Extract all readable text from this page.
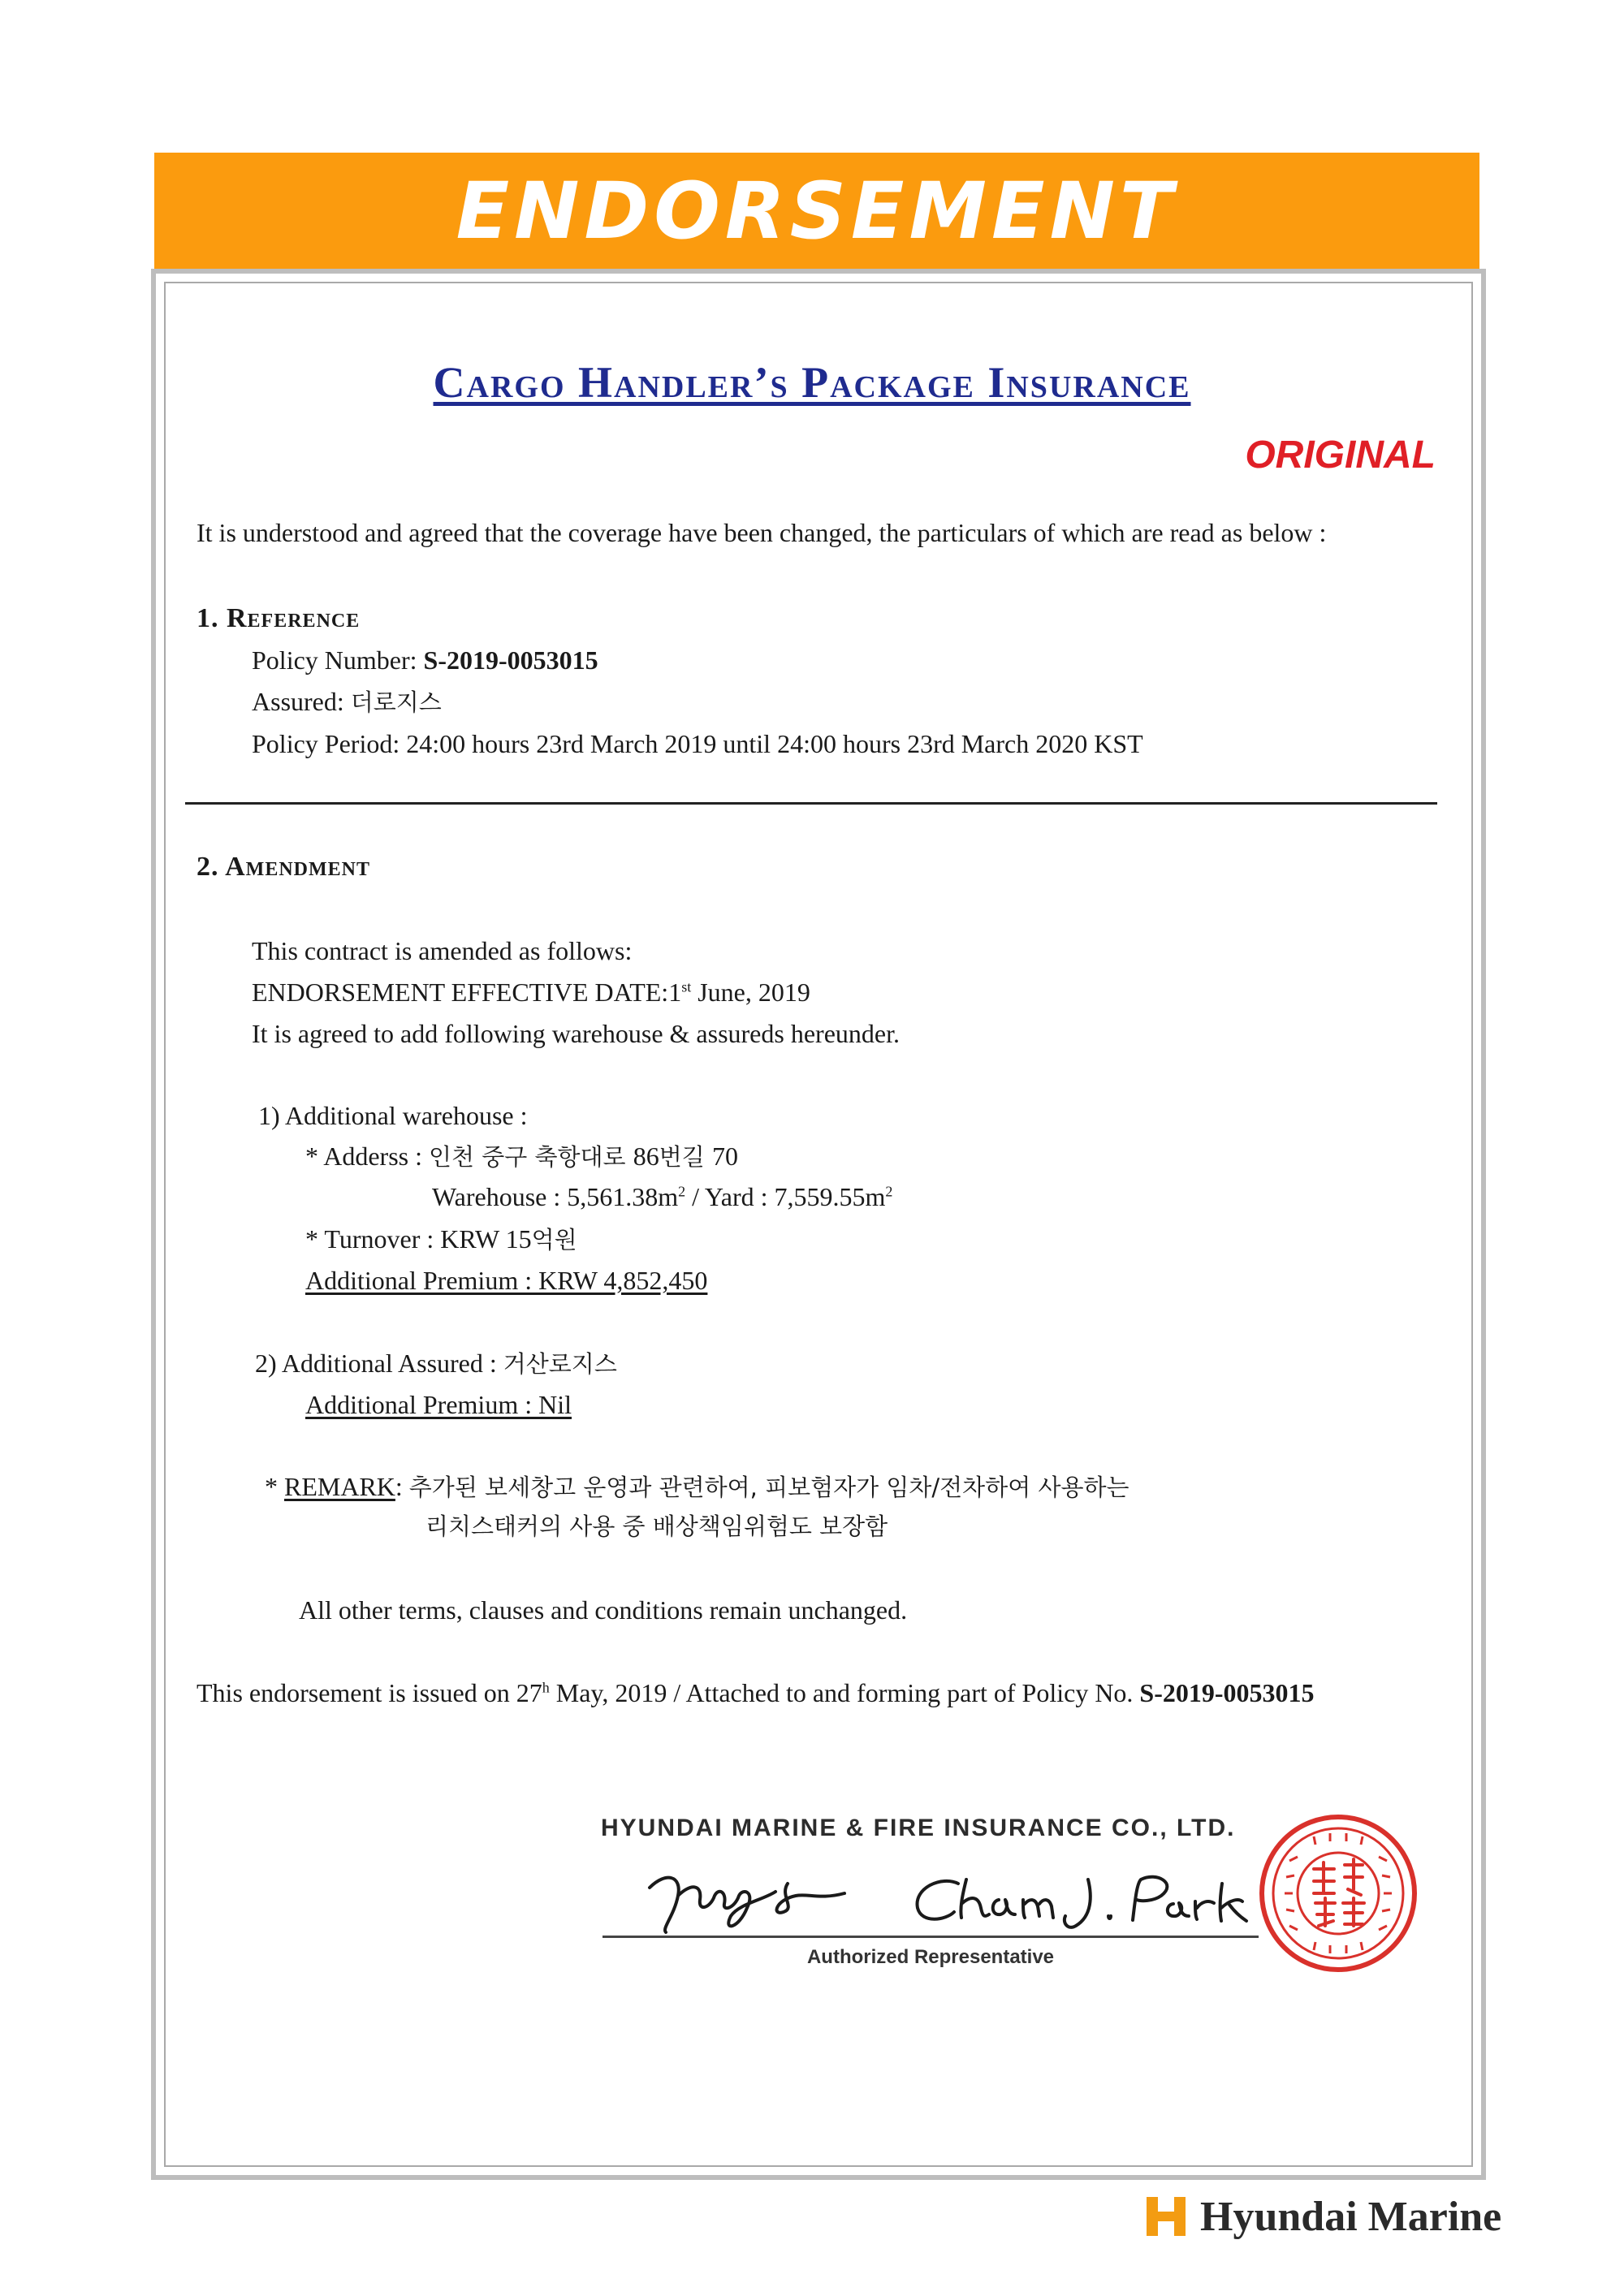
ENDORSEMENT
Cargo Handler’s Package Insurance
ORIGINAL
It is understood and agreed that the coverage have been changed, the particulars of which are read as below :
1. Reference
Policy Number: S-2019-0053015
Assured: 더로지스
Policy Period: 24:00 hours 23rd March 2019 until 24:00 hours 23rd March 2020 KST
2. Amendment
This contract is amended as follows:
ENDORSEMENT EFFECTIVE DATE:1st June, 2019
It is agreed to add following warehouse & assureds hereunder.
1) Additional warehouse :
* Adderss : 인천 중구 축항대로 86번길 70
Warehouse : $5,561.38m^2$ / Yard : $7,559.55m^2$
* Turnover : KRW 15억원
Additional Premium : KRW 4,852,450
2) Additional Assured : 거산로지스
Additional Premium : Nil
* REMARK: 추가된 보세창고 운영과 관련하여, 피보험자가 임차/전차하여 사용하는
리치스태커의 사용 중 배상책임위험도 보장함
All other terms, clauses and conditions remain unchanged.
This endorsement is issued on 27$^h$ May, 2019 / Attached to and forming part of Policy No. S-2019-0053015
HYUNDAI MARINE & FIRE INSURANCE CO., LTD.
Authorized Representative
Hyundai Marine
